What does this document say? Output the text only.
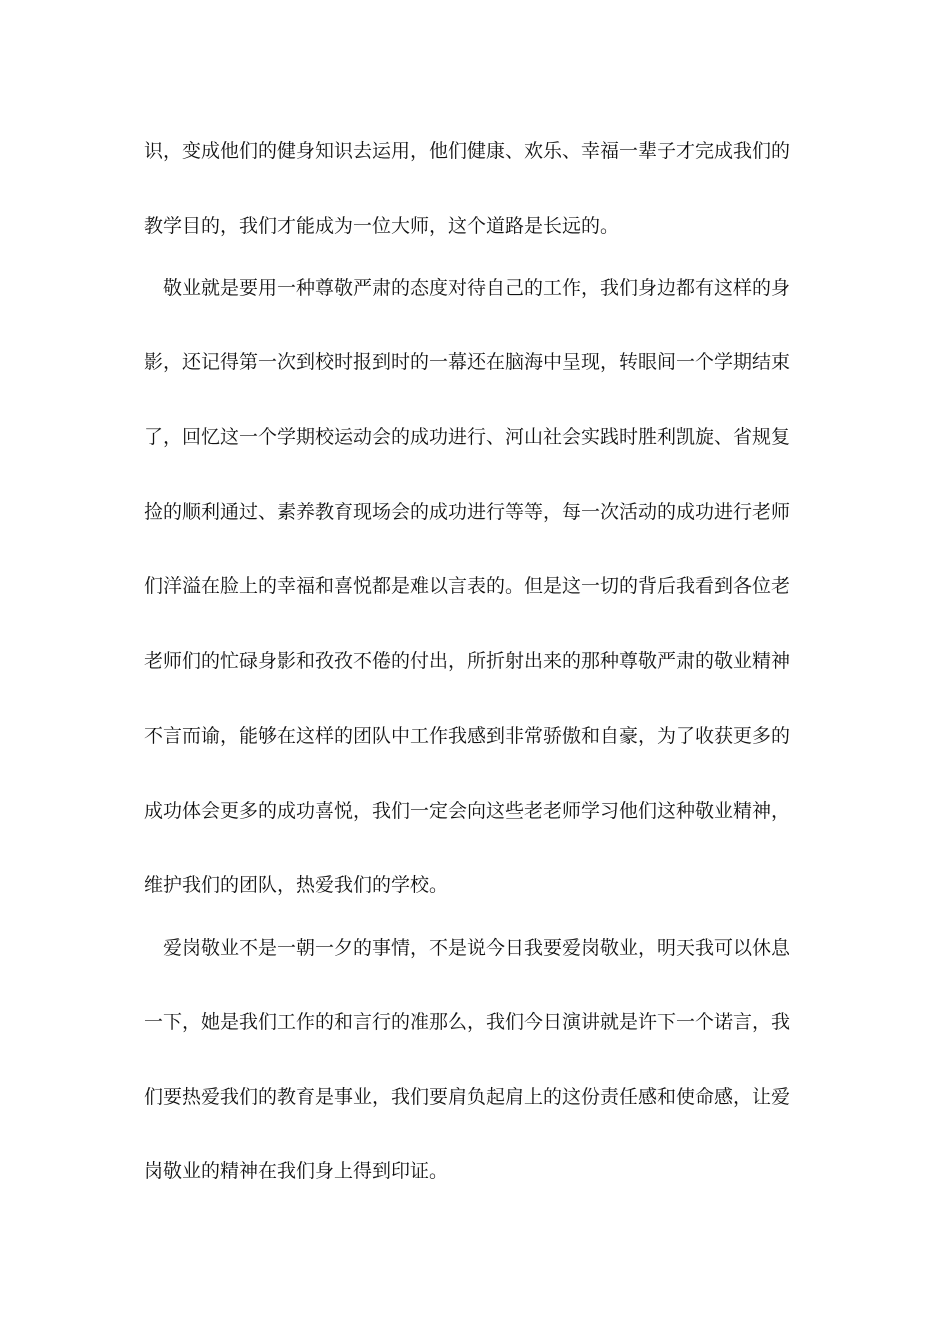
识，变成他们的健身知识去运用，他们健康、欢乐、幸福一辈子才完成我们的
教学目的，我们才能成为一位大师，这个道路是长远的。
敬业就是要用一种尊敬严肃的态度对待自己的工作，我们身边都有这样的身
影，还记得第一次到校时报到时的一幕还在脑海中呈现，转眼间一个学期结束
了，回忆这一个学期校运动会的成功进行、河山社会实践时胜利凯旋、省规复
捡的顺利通过、素养教育现场会的成功进行等等，每一次活动的成功进行老师
们洋溢在脸上的幸福和喜悦都是难以言表的。但是这一切的背后我看到各位老
老师们的忙碌身影和孜孜不倦的付出，所折射出来的那种尊敬严肃的敬业精神
不言而谕，能够在这样的团队中工作我感到非常骄傲和自豪，为了收获更多的
成功体会更多的成功喜悦，我们一定会向这些老老师学习他们这种敬业精神，
维护我们的团队，热爱我们的学校。
爱岗敬业不是一朝一夕的事情，不是说今日我要爱岗敬业，明天我可以休息
一下，她是我们工作的和言行的准那么，我们今日演讲就是许下一个诺言，我
们要热爱我们的教育是事业，我们要肩负起肩上的这份责任感和使命感，让爱
岗敬业的精神在我们身上得到印证。
